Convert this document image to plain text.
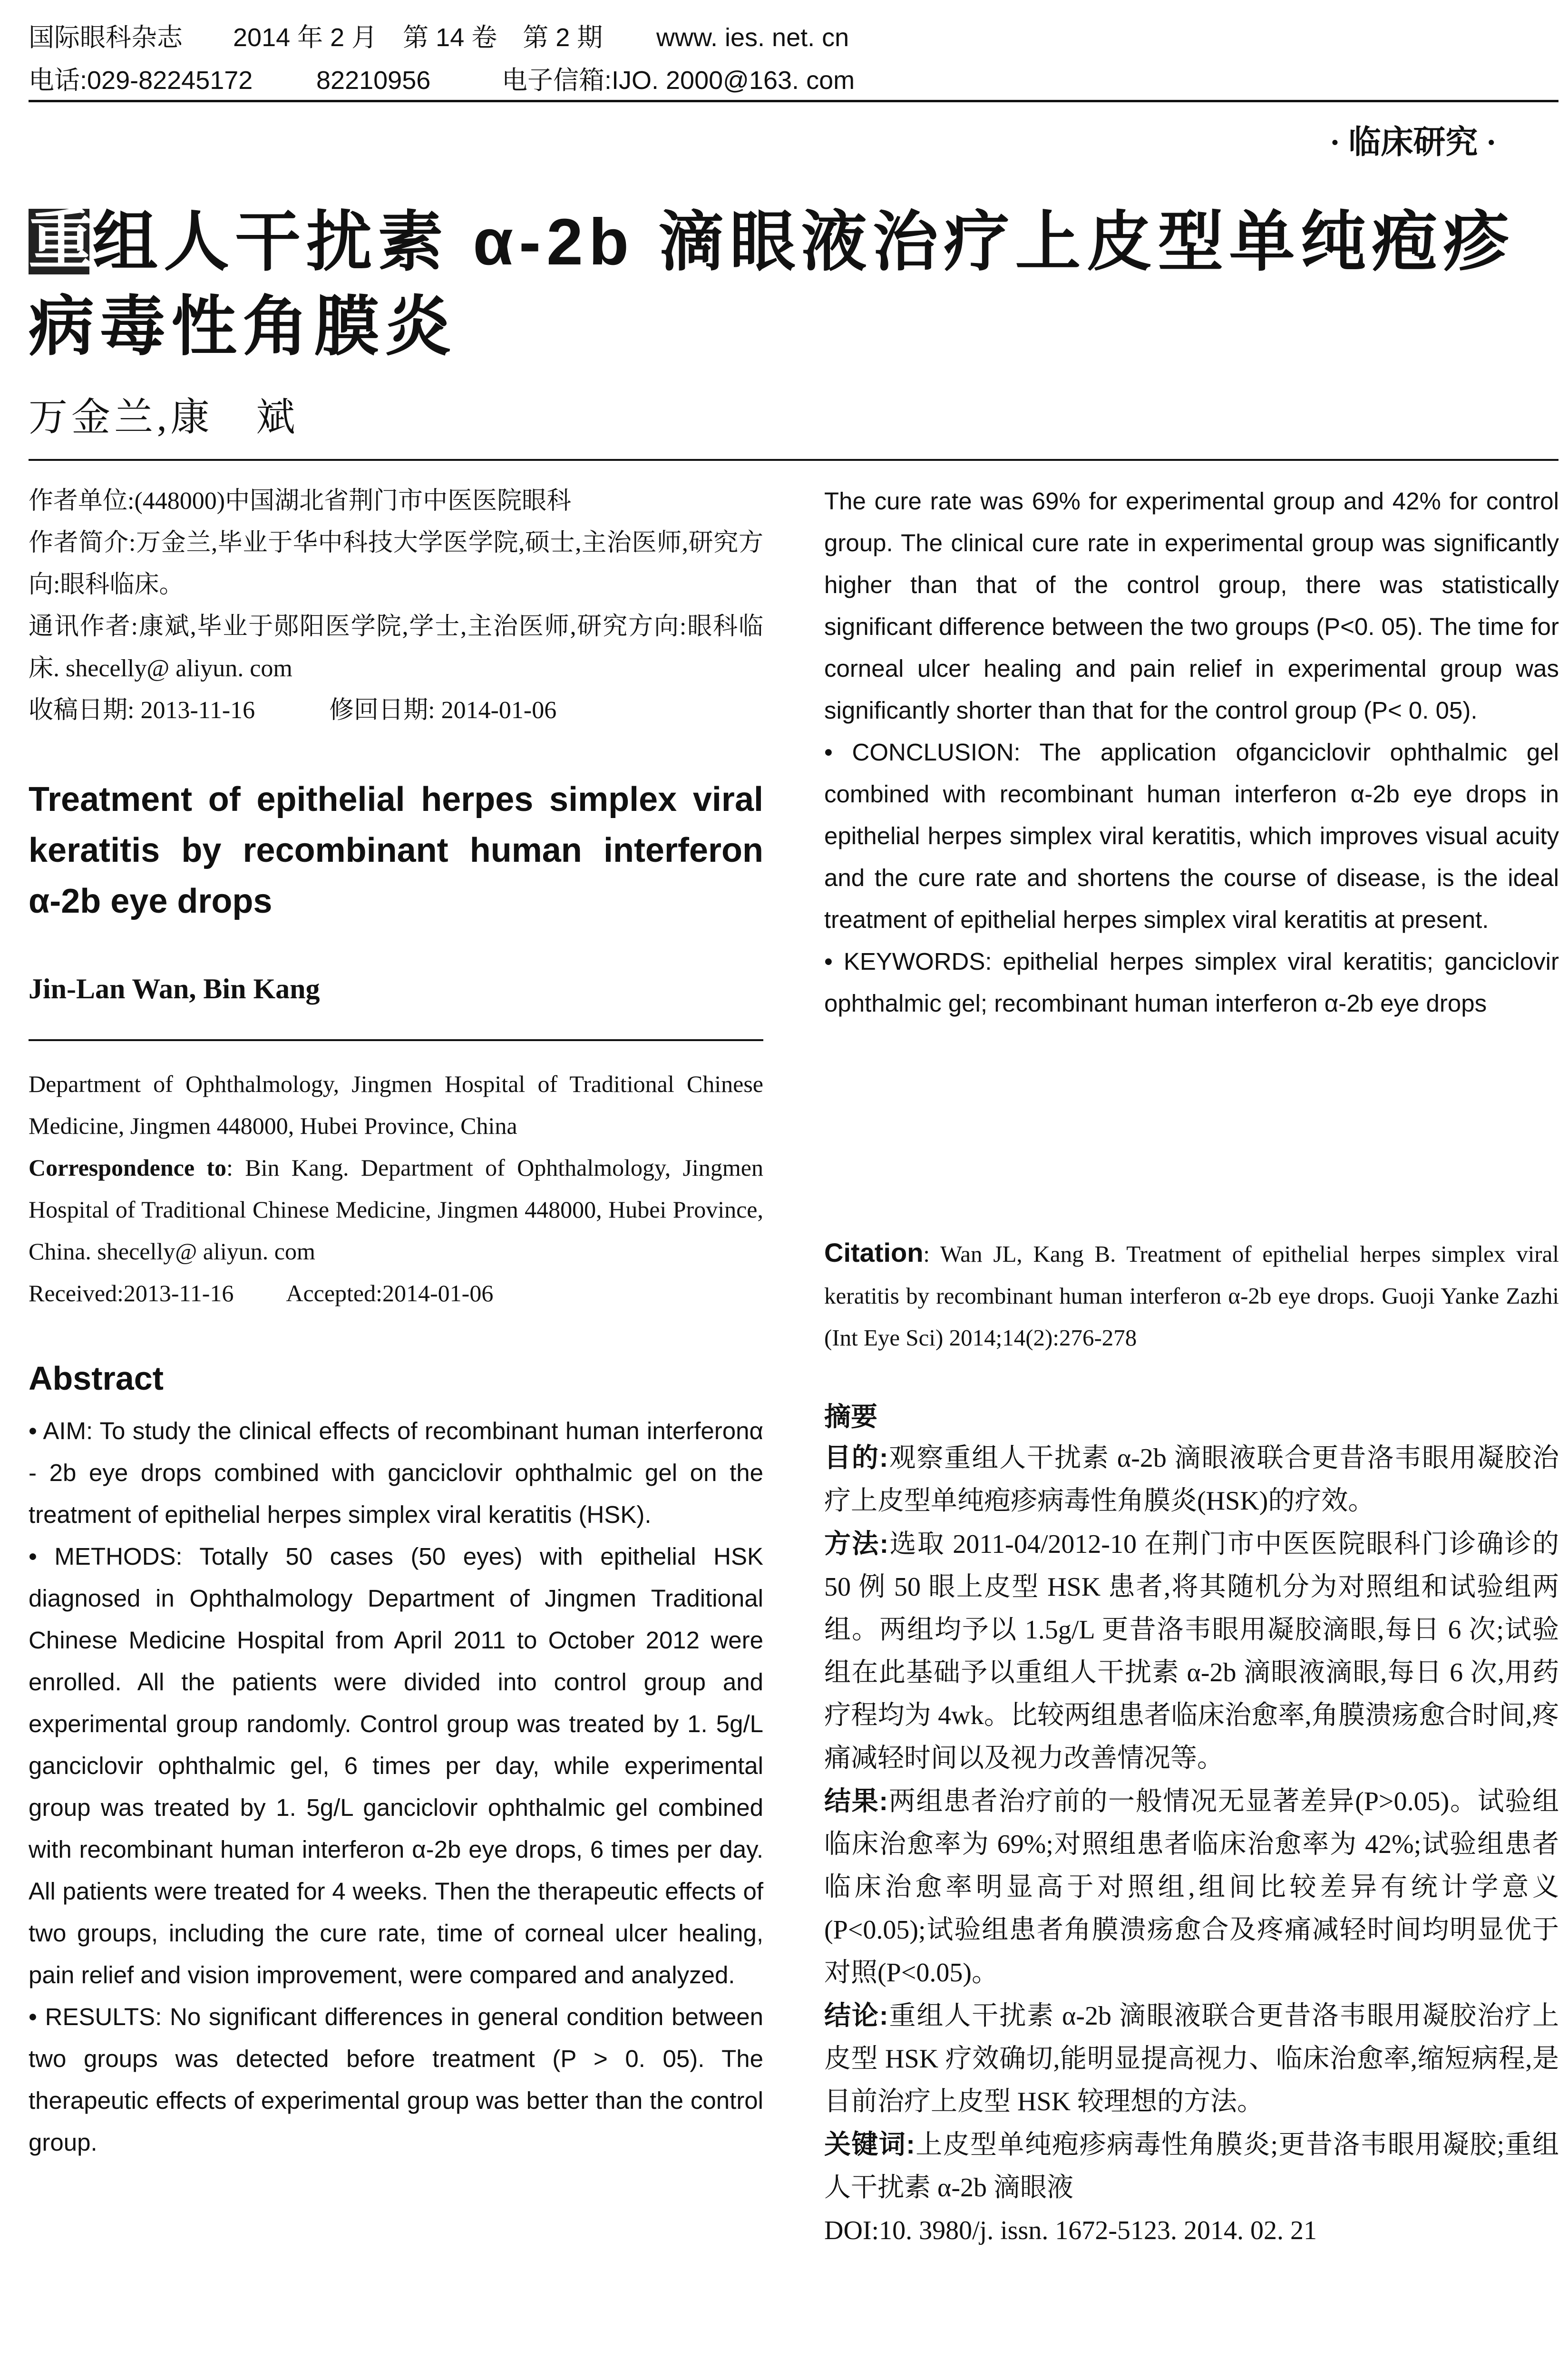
国际眼科杂志 2014 年 2 月　第 14 卷　第 2 期 www. ies. net. cn
电话:029-82245172 82210956	电子信箱:IJO. 2000@163. com
· 临床研究 ·
重组人干扰素 α-2b 滴眼液治疗上皮型单纯疱疹病毒性角膜炎
万金兰,康　斌
作者单位:(448000)中国湖北省荆门市中医医院眼科
作者简介:万金兰,毕业于华中科技大学医学院,硕士,主治医师,研究方向:眼科临床。
通讯作者:康斌,毕业于郧阳医学院,学士,主治医师,研究方向:眼科临床. shecelly@ aliyun. com
收稿日期: 2013-11-16　　　修回日期: 2014-01-06
Treatment of epithelial herpes simplex viral keratitis by recombinant human interferon α-2b eye drops
Jin-Lan Wan, Bin Kang
Department of Ophthalmology, Jingmen Hospital of Traditional Chinese Medicine, Jingmen 448000, Hubei Province, China
Correspondence to: Bin Kang. Department of Ophthalmology, Jingmen Hospital of Traditional Chinese Medicine, Jingmen 448000, Hubei Province, China. shecelly@ aliyun. com
Received:2013-11-16 Accepted:2014-01-06
Abstract

• AIM: To study the clinical effects of recombinant human interferonα - 2b eye drops combined with ganciclovir ophthalmic gel on the treatment of epithelial herpes simplex viral keratitis (HSK).

• METHODS: Totally 50 cases (50 eyes) with epithelial HSK diagnosed in Ophthalmology Department of Jingmen Traditional Chinese Medicine Hospital from April 2011 to October 2012 were enrolled. All the patients were divided into control group and experimental group randomly. Control group was treated by 1. 5g/L ganciclovir ophthalmic gel, 6 times per day, while experimental group was treated by 1. 5g/L ganciclovir ophthalmic gel combined with recombinant human interferon α-2b eye drops, 6 times per day. All patients were treated for 4 weeks. Then the therapeutic effects of two groups, including the cure rate, time of corneal ulcer healing, pain relief and vision improvement, were compared and analyzed.

• RESULTS: No significant differences in general condition between two groups was detected before treatment (P > 0. 05). The therapeutic effects of experimental group was better than the control group.

The cure rate was 69% for experimental group and 42% for control group. The clinical cure rate in experimental group was significantly higher than that of the control group, there was statistically significant difference between the two groups (P<0. 05). The time for corneal ulcer healing and pain relief in experimental group was significantly shorter than that for the control group (P< 0. 05).

• CONCLUSION: The application ofganciclovir ophthalmic gel combined with recombinant human interferon α-2b eye drops in epithelial herpes simplex viral keratitis, which improves visual acuity and the cure rate and shortens the course of disease, is the ideal treatment of epithelial herpes simplex viral keratitis at present.

• KEYWORDS: epithelial herpes simplex viral keratitis; ganciclovir ophthalmic gel; recombinant human interferon α-2b eye drops

Citation: Wan JL, Kang B. Treatment of epithelial herpes simplex viral keratitis by recombinant human interferon α-2b eye drops. Guoji Yanke Zazhi (Int Eye Sci) 2014;14(2):276-278
摘要

目的:观察重组人干扰素 α-2b 滴眼液联合更昔洛韦眼用凝胶治疗上皮型单纯疱疹病毒性角膜炎(HSK)的疗效。

方法:选取 2011-04/2012-10 在荆门市中医医院眼科门诊确诊的 50 例 50 眼上皮型 HSK 患者,将其随机分为对照组和试验组两组。两组均予以 1.5g/L 更昔洛韦眼用凝胶滴眼,每日 6 次;试验组在此基础予以重组人干扰素 α-2b 滴眼液滴眼,每日 6 次,用药疗程均为 4wk。比较两组患者临床治愈率,角膜溃疡愈合时间,疼痛减轻时间以及视力改善情况等。

结果:两组患者治疗前的一般情况无显著差异(P>0.05)。试验组临床治愈率为 69%;对照组患者临床治愈率为 42%;试验组患者临床治愈率明显高于对照组,组间比较差异有统计学意义(P<0.05);试验组患者角膜溃疡愈合及疼痛减轻时间均明显优于对照(P<0.05)。

结论:重组人干扰素 α-2b 滴眼液联合更昔洛韦眼用凝胶治疗上皮型 HSK 疗效确切,能明显提高视力、临床治愈率,缩短病程,是目前治疗上皮型 HSK 较理想的方法。

关键词:上皮型单纯疱疹病毒性角膜炎;更昔洛韦眼用凝胶;重组人干扰素 α-2b 滴眼液

DOI:10. 3980/j. issn. 1672-5123. 2014. 02. 21
